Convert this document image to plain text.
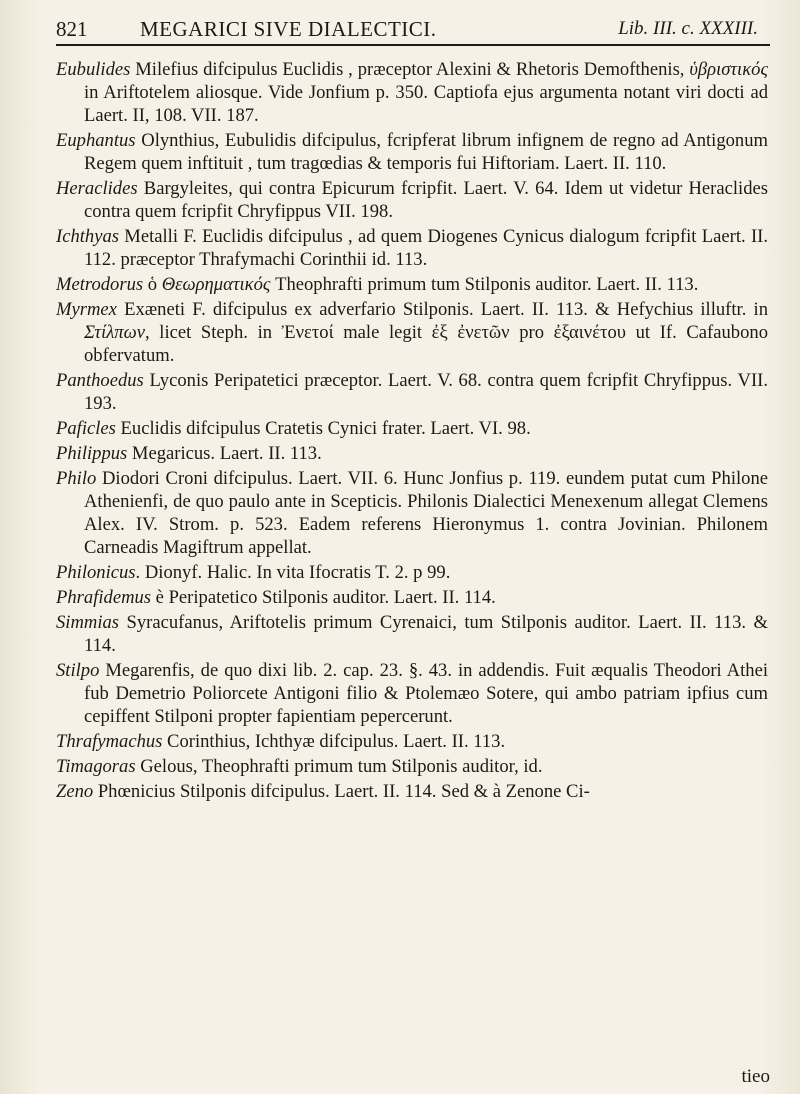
821	MEGARICI SIVE DIALECTICI.	Lib. III. c. XXXIII.

Eubulides Milefius difcipulus Euclidis , præceptor Alexini & Rhetoris Demofthenis, ὑβριστικός in Ariftotelem aliosque. Vide Jonfium p. 350. Captiofa ejus argumenta notant viri docti ad Laert. II, 108. VII. 187.

Euphantus Olynthius, Eubulidis difcipulus, fcripferat librum infignem de regno ad Antigonum Regem quem inftituit , tum tragœdias & temporis fui Hiftoriam. Laert. II. 110.

Heraclides Bargyleites, qui contra Epicurum fcripfit. Laert. V. 64. Idem ut videtur Heraclides contra quem fcripfit Chryfippus VII. 198.

Ichthyas Metalli F. Euclidis difcipulus , ad quem Diogenes Cynicus dialogum fcripfit Laert. II. 112. præceptor Thrafymachi Corinthii id. 113.

Metrodorus ὁ Θεωρηματικός Theophrafti primum tum Stilponis auditor. Laert. II. 113.

Myrmex Exæneti F. difcipulus ex adverfario Stilponis. Laert. II. 113. & Hefychius illuftr. in Στίλπων, licet Steph. in Ἐνετοί male legit ἐξ ἐνετῶν pro ἐξαινέτου ut If. Cafaubono obfervatum.

Panthoedus Lyconis Peripatetici præceptor. Laert. V. 68. contra quem fcripfit Chryfippus. VII. 193.

Paficles Euclidis difcipulus Cratetis Cynici frater. Laert. VI. 98.

Philippus Megaricus. Laert. II. 113.

Philo Diodori Croni difcipulus. Laert. VII. 6. Hunc Jonfius p. 119. eundem putat cum Philone Athenienfi, de quo paulo ante in Scepticis. Philonis Dialectici Menexenum allegat Clemens Alex. IV. Strom. p. 523. Eadem referens Hieronymus 1. contra Jovinian. Philonem Carneadis Magiftrum appellat.

Philonicus. Dionyf. Halic. In vita Ifocratis T. 2. p 99.

Phrafidemus è Peripatetico Stilponis auditor. Laert. II. 114.

Simmias Syracufanus, Ariftotelis primum Cyrenaici, tum Stilponis auditor. Laert. II. 113. & 114.

Stilpo Megarenfis, de quo dixi lib. 2. cap. 23. §. 43. in addendis. Fuit æqualis Theodori Athei fub Demetrio Poliorcete Antigoni filio & Ptolemæo Sotere, qui ambo patriam ipfius cum cepiffent Stilponi propter fapientiam pepercerunt.

Thrafymachus Corinthius, Ichthyæ difcipulus. Laert. II. 113.

Timagoras Gelous, Theophrafti primum tum Stilponis auditor, id.

Zeno Phœnicius Stilponis difcipulus. Laert. II. 114. Sed & à Zenone Ci-

tieo
